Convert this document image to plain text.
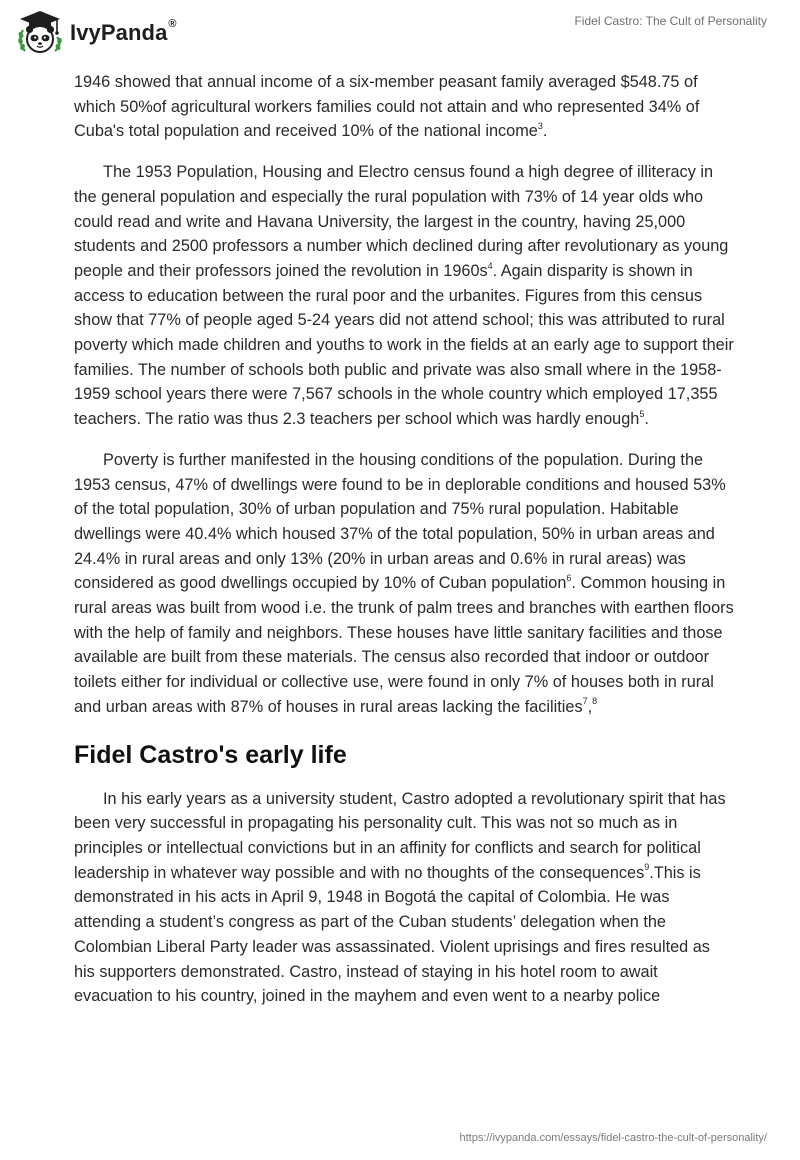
IvyPanda®	Fidel Castro: The Cult of Personality

1946 showed that annual income of a six-member peasant family averaged $548.75 of which 50%of agricultural workers families could not attain and who represented 34% of Cuba's total population and received 10% of the national income$^3$.

The 1953 Population, Housing and Electro census found a high degree of illiteracy in the general population and especially the rural population with 73% of 14 year olds who could read and write and Havana University, the largest in the country, having 25,000 students and 2500 professors a number which declined during after revolutionary as young people and their professors joined the revolution in $1960s^4$. Again disparity is shown in access to education between the rural poor and the urbanites. Figures from this census show that 77% of people aged 5-24 years did not attend school; this was attributed to rural poverty which made children and youths to work in the fields at an early age to support their families. The number of schools both public and private was also small where in the 1958-1959 school years there were 7,567 schools in the whole country which employed 17,355 teachers. The ratio was thus 2.3 teachers per school which was hardly enough$^5$.

Poverty is further manifested in the housing conditions of the population. During the 1953 census, 47% of dwellings were found to be in deplorable conditions and housed 53% of the total population, 30% of urban population and 75% rural population. Habitable dwellings were 40.4% which housed 37% of the total population, 50% in urban areas and 24.4% in rural areas and only 13% (20% in urban areas and 0.6% in rural areas) was considered as good dwellings occupied by 10% of Cuban population$^6$. Common housing in rural areas was built from wood i.e. the trunk of palm trees and branches with earthen floors with the help of family and neighbors. These houses have little sanitary facilities and those available are built from these materials. The census also recorded that indoor or outdoor toilets either for individual or collective use, were found in only 7% of houses both in rural and urban areas with 87% of houses in rural areas lacking the facilities$^7$,$^8$

Fidel Castro's early life

In his early years as a university student, Castro adopted a revolutionary spirit that has been very successful in propagating his personality cult. This was not so much as in principles or intellectual convictions but in an affinity for conflicts and search for political leadership in whatever way possible and with no thoughts of the consequences$^9$.This is demonstrated in his acts in April 9, 1948 in Bogotá the capital of Colombia. He was attending a student’s congress as part of the Cuban students’ delegation when the Colombian Liberal Party leader was assassinated. Violent uprisings and fires resulted as his supporters demonstrated. Castro, instead of staying in his hotel room to await evacuation to his country, joined in the mayhem and even went to a nearby police

https://ivypanda.com/essays/fidel-castro-the-cult-of-personality/
